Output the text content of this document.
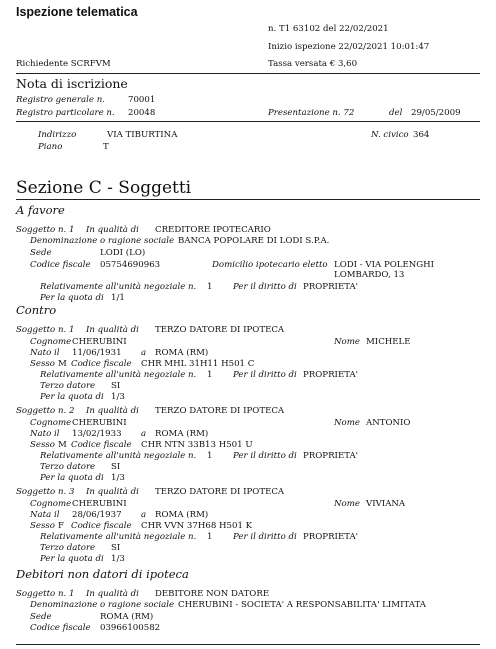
Ispezione telematica
n. T1 63102 del 22/02/2021
Inizio ispezione 22/02/2021 10:01:47
Richiedente SCRFVM	Tassa versata € 3,60
Nota di iscrizione
Registro generale n.	70001
Registro particolare n. 20048	Presentazione n. 72	del 29/05/2009
Indirizzo	VIA TIBURTINA	N. civico 364
Piano	T
Sezione C - Soggetti
A favore
Soggetto n. 1 In qualità di CREDITORE IPOTECARIO
Denominazione o ragione sociale BANCA POPOLARE DI LODI S.P.A.
Sede	LODI (LO)
Codice fiscale 05754690963	Domicilio ipotecario eletto LODI - VIA POLENGHI
LOMBARDO, 13
Relativamente all'unità negoziale n. 1 Per il diritto di PROPRIETA'
Per la quota di 1/1
Contro
Soggetto n. 1 In qualità di TERZO DATORE DI IPOTECA
Cognome CHERUBINI	Nome MICHELE
Nato il 11/06/1931 a ROMA (RM)
Sesso M Codice fiscale CHR MHL 31H11 H501 C
Relativamente all'unità negoziale n. 1 Per il diritto di PROPRIETA'
Terzo datore SI
Per la quota di 1/3
Soggetto n. 2 In qualità di TERZO DATORE DI IPOTECA
Cognome CHERUBINI	Nome ANTONIO
Nato il 13/02/1933 a ROMA (RM)
Sesso M Codice fiscale CHR NTN 33B13 H501 U
Relativamente all'unità negoziale n. 1 Per il diritto di PROPRIETA'
Terzo datore SI
Per la quota di 1/3
Soggetto n. 3 In qualità di TERZO DATORE DI IPOTECA
Cognome CHERUBINI	Nome VIVIANA
Nata il 28/06/1937 a ROMA (RM)
Sesso F Codice fiscale CHR VVN 37H68 H501 K
Relativamente all'unità negoziale n. 1 Per il diritto di PROPRIETA'
Terzo datore SI
Per la quota di 1/3
Debitori non datori di ipoteca
Soggetto n. 1 In qualità di DEBITORE NON DATORE
Denominazione o ragione sociale CHERUBINI - SOCIETA' A RESPONSABILITA' LIMITATA
Sede	ROMA (RM)
Codice fiscale 03966100582
